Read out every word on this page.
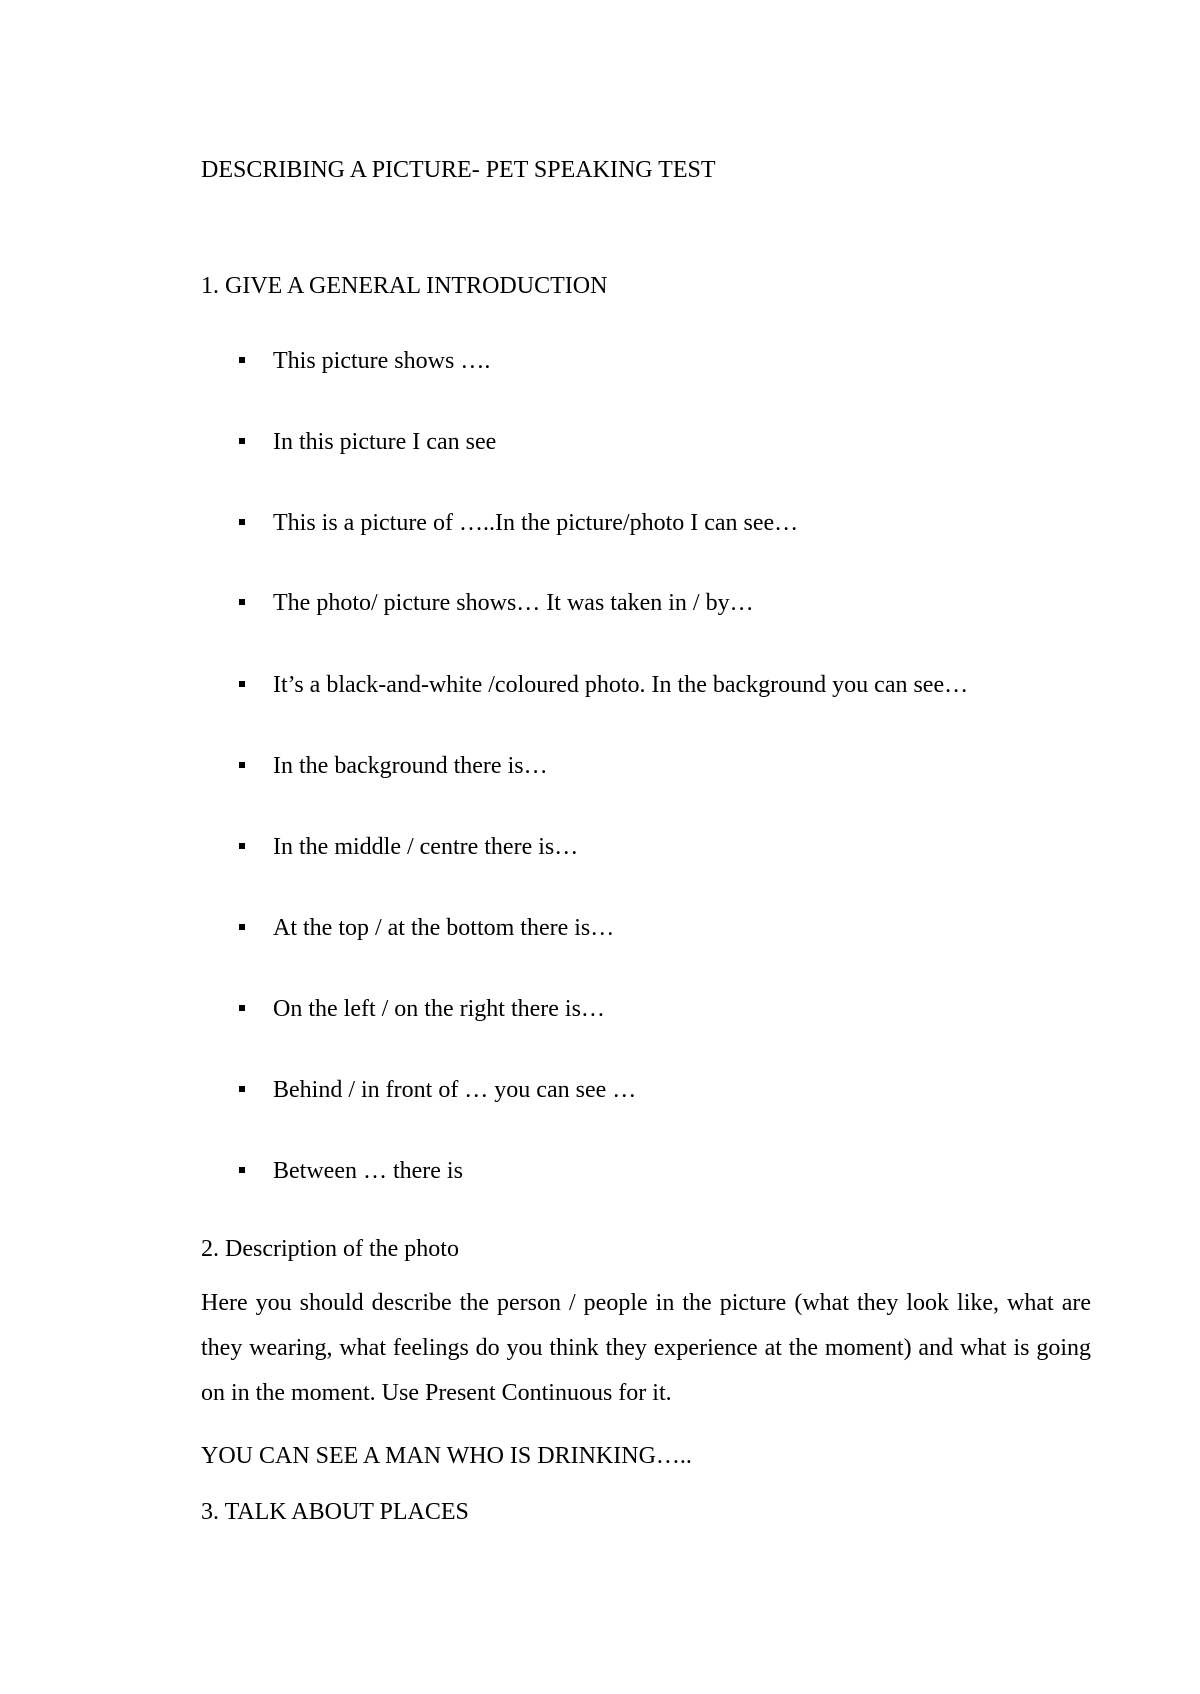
DESCRIBING A PICTURE- PET SPEAKING TEST
1. GIVE A GENERAL INTRODUCTION
This picture shows ….
In this picture I can see
This is a picture of …..In the picture/photo I can see…
The photo/ picture shows… It was taken in / by…
It’s a black-and-white /coloured photo. In the background you can see…
In the background there is…
In the middle / centre there is…
At the top / at the bottom there is…
On the left / on the right there is…
Behind / in front of … you can see …
Between … there is
2. Description of the photo

Here you should describe the person / people in the picture (what they look like, what are they wearing, what feelings do you think they experience at the moment) and what is going on in the moment. Use Present Continuous for it.

YOU CAN SEE A MAN WHO IS DRINKING…..

3. TALK ABOUT PLACES
